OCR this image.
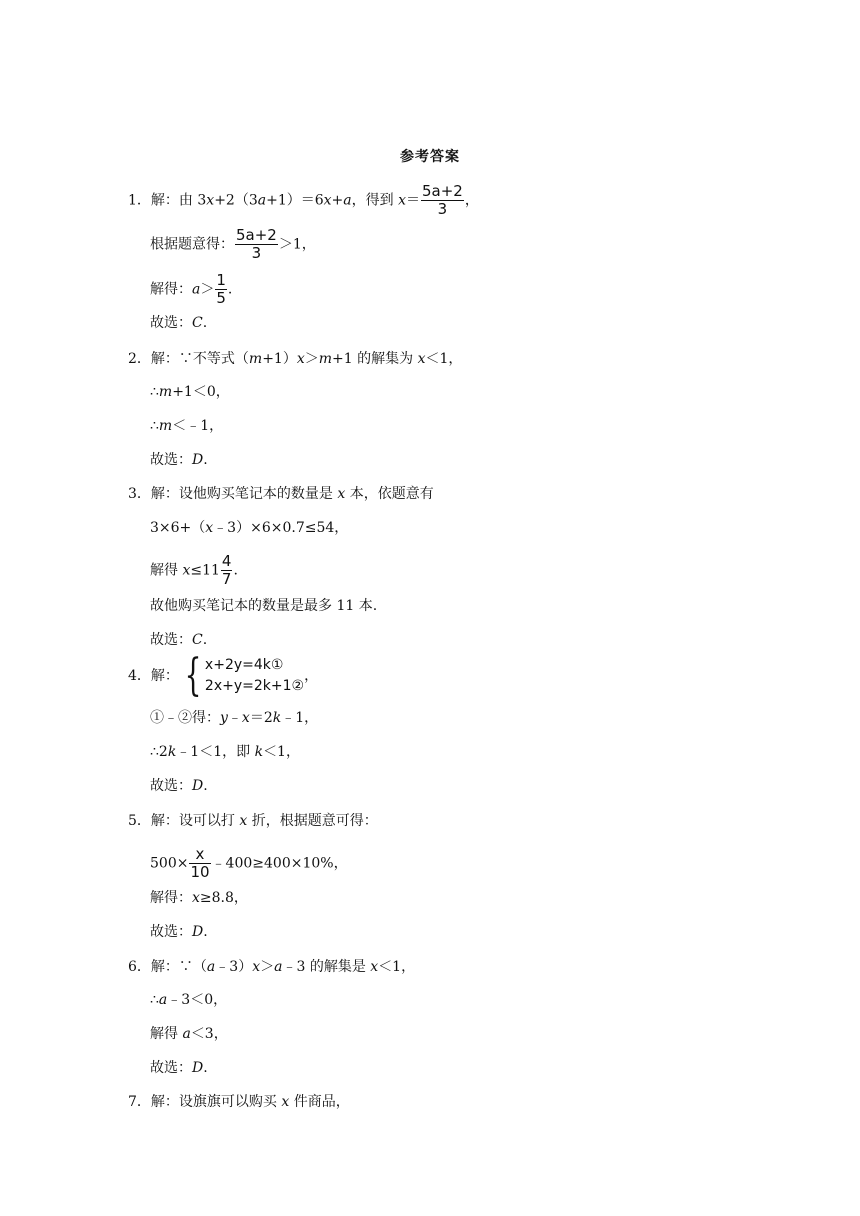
参考答案
1．解：由 3x+2（3a+1）＝6x+a，得到 $x= \frac{5a+2}{3}$ ，
根据题意得： $\frac{5a+2}{3} >1$，
解得：$a> \frac{1}{5}$ .
故选：C.
2．解：∵不等式（m+1）x＞m+1 的解集为 x＜1，
∴m+1＜0，
∴m＜﹣1，
故选：D.
3．解：设他购买笔记本的数量是 x 本，依题意有
3×6+（x﹣3）×6×0.7≤54，
解得 $x\le 11 \frac{4}{7}$ .
故他购买笔记本的数量是最多 11 本.
故选：C.
4．解： { x+2y=4k①
2x+y=2k+1②
，
①﹣②得：y﹣x＝2k﹣1，
∴2k﹣1＜1，即 k＜1，
故选：D.
5．解：设可以打 x 折，根据题意可得：
$500\times \frac{x}{10}$ ﹣400≥400×10%，
解得：x≥8.8，
故选：D.
6．解：∵（a﹣3）x＞a﹣3 的解集是 x＜1，
∴a﹣3＜0，
解得 a＜3，
故选：D.
7．解：设旗旗可以购买 x 件商品，
